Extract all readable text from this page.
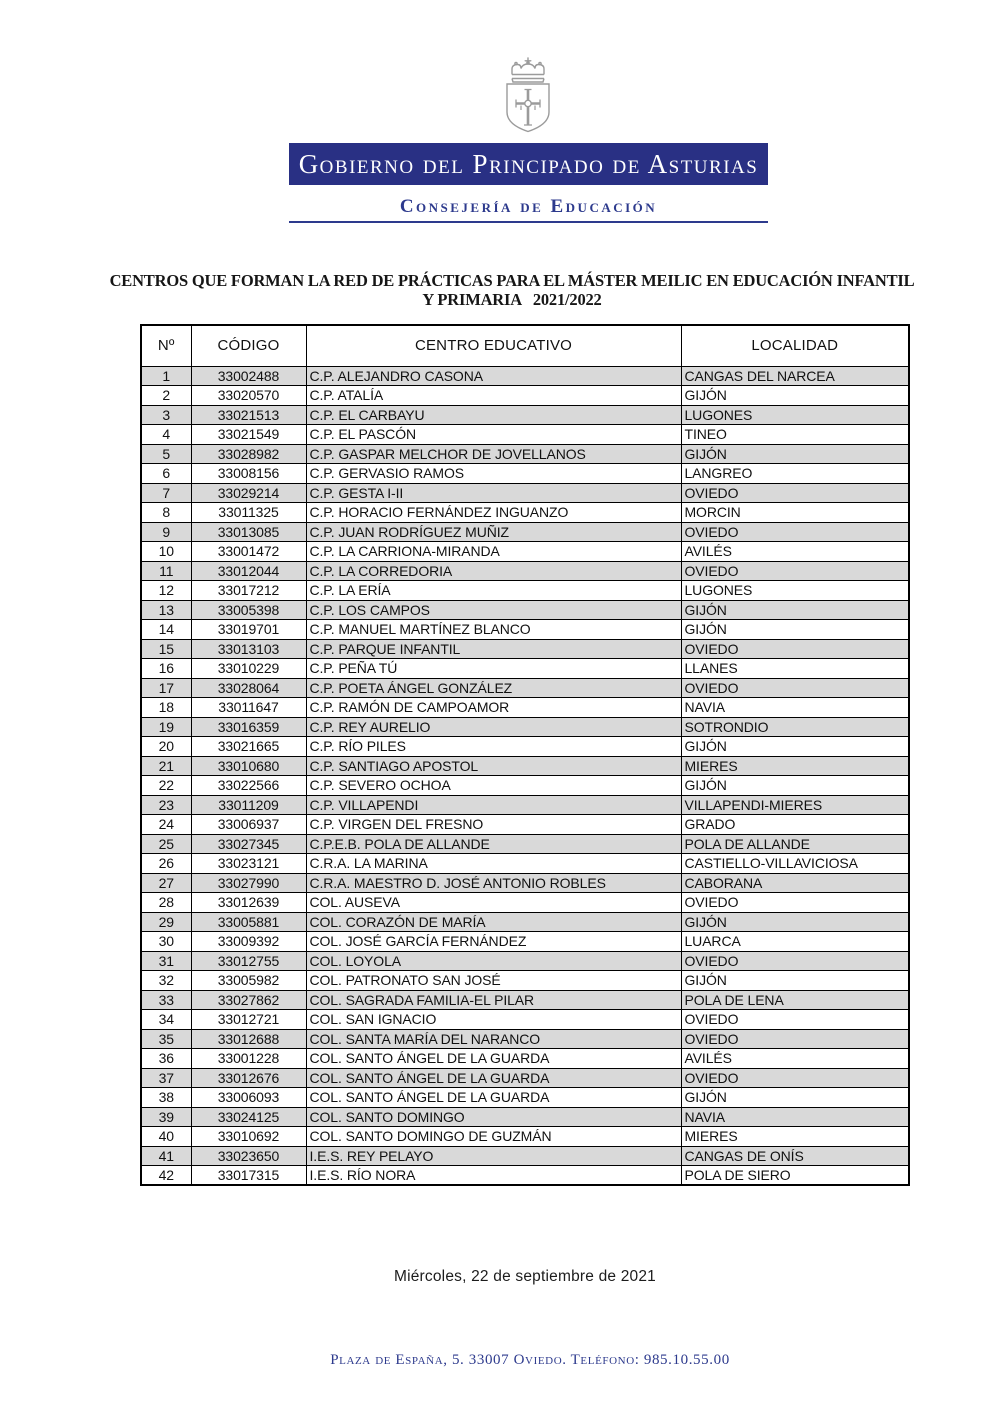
Gobierno del Principado de Asturias
Consejería de Educación
CENTROS QUE FORMAN LA RED DE PRÁCTICAS PARA EL MÁSTER MEILIC EN EDUCACIÓN INFANTIL
Y PRIMARIA   2021/2022
Nº	CÓDIGO	CENTRO EDUCATIVO	LOCALIDAD
1	33002488	C.P. ALEJANDRO CASONA	CANGAS DEL NARCEA
2	33020570	C.P. ATALÍA	GIJÓN
3	33021513	C.P. EL CARBAYU	LUGONES
4	33021549	C.P. EL PASCÓN	TINEO
5	33028982	C.P. GASPAR MELCHOR DE JOVELLANOS	GIJÓN
6	33008156	C.P. GERVASIO RAMOS	LANGREO
7	33029214	C.P. GESTA I-II	OVIEDO
8	33011325	C.P. HORACIO FERNÁNDEZ INGUANZO	MORCIN
9	33013085	C.P. JUAN RODRÍGUEZ MUÑIZ	OVIEDO
10	33001472	C.P. LA CARRIONA-MIRANDA	AVILÉS
11	33012044	C.P. LA CORREDORIA	OVIEDO
12	33017212	C.P. LA ERÍA	LUGONES
13	33005398	C.P. LOS CAMPOS	GIJÓN
14	33019701	C.P. MANUEL MARTÍNEZ BLANCO	GIJÓN
15	33013103	C.P. PARQUE INFANTIL	OVIEDO
16	33010229	C.P. PEÑA TÚ	LLANES
17	33028064	C.P. POETA ÁNGEL GONZÁLEZ	OVIEDO
18	33011647	C.P. RAMÓN DE CAMPOAMOR	NAVIA
19	33016359	C.P. REY AURELIO	SOTRONDIO
20	33021665	C.P. RÍO PILES	GIJÓN
21	33010680	C.P. SANTIAGO APOSTOL	MIERES
22	33022566	C.P. SEVERO OCHOA	GIJÓN
23	33011209	C.P. VILLAPENDI	VILLAPENDI-MIERES
24	33006937	C.P. VIRGEN DEL FRESNO	GRADO
25	33027345	C.P.E.B. POLA DE ALLANDE	POLA DE ALLANDE
26	33023121	C.R.A. LA MARINA	CASTIELLO-VILLAVICIOSA
27	33027990	C.R.A. MAESTRO D. JOSÉ ANTONIO ROBLES	CABORANA
28	33012639	COL. AUSEVA	OVIEDO
29	33005881	COL. CORAZÓN DE MARÍA	GIJÓN
30	33009392	COL. JOSÉ GARCÍA FERNÁNDEZ	LUARCA
31	33012755	COL. LOYOLA	OVIEDO
32	33005982	COL. PATRONATO SAN JOSÉ	GIJÓN
33	33027862	COL. SAGRADA FAMILIA-EL PILAR	POLA DE LENA
34	33012721	COL. SAN IGNACIO	OVIEDO
35	33012688	COL. SANTA MARÍA DEL NARANCO	OVIEDO
36	33001228	COL. SANTO ÁNGEL DE LA GUARDA	AVILÉS
37	33012676	COL. SANTO ÁNGEL DE LA GUARDA	OVIEDO
38	33006093	COL. SANTO ÁNGEL DE LA GUARDA	GIJÓN
39	33024125	COL. SANTO DOMINGO	NAVIA
40	33010692	COL. SANTO DOMINGO DE GUZMÁN	MIERES
41	33023650	I.E.S. REY PELAYO	CANGAS DE ONÍS
42	33017315	I.E.S. RÍO NORA	POLA DE SIERO
Miércoles, 22 de septiembre de 2021
Plaza de España, 5. 33007 Oviedo. Teléfono: 985.10.55.00
